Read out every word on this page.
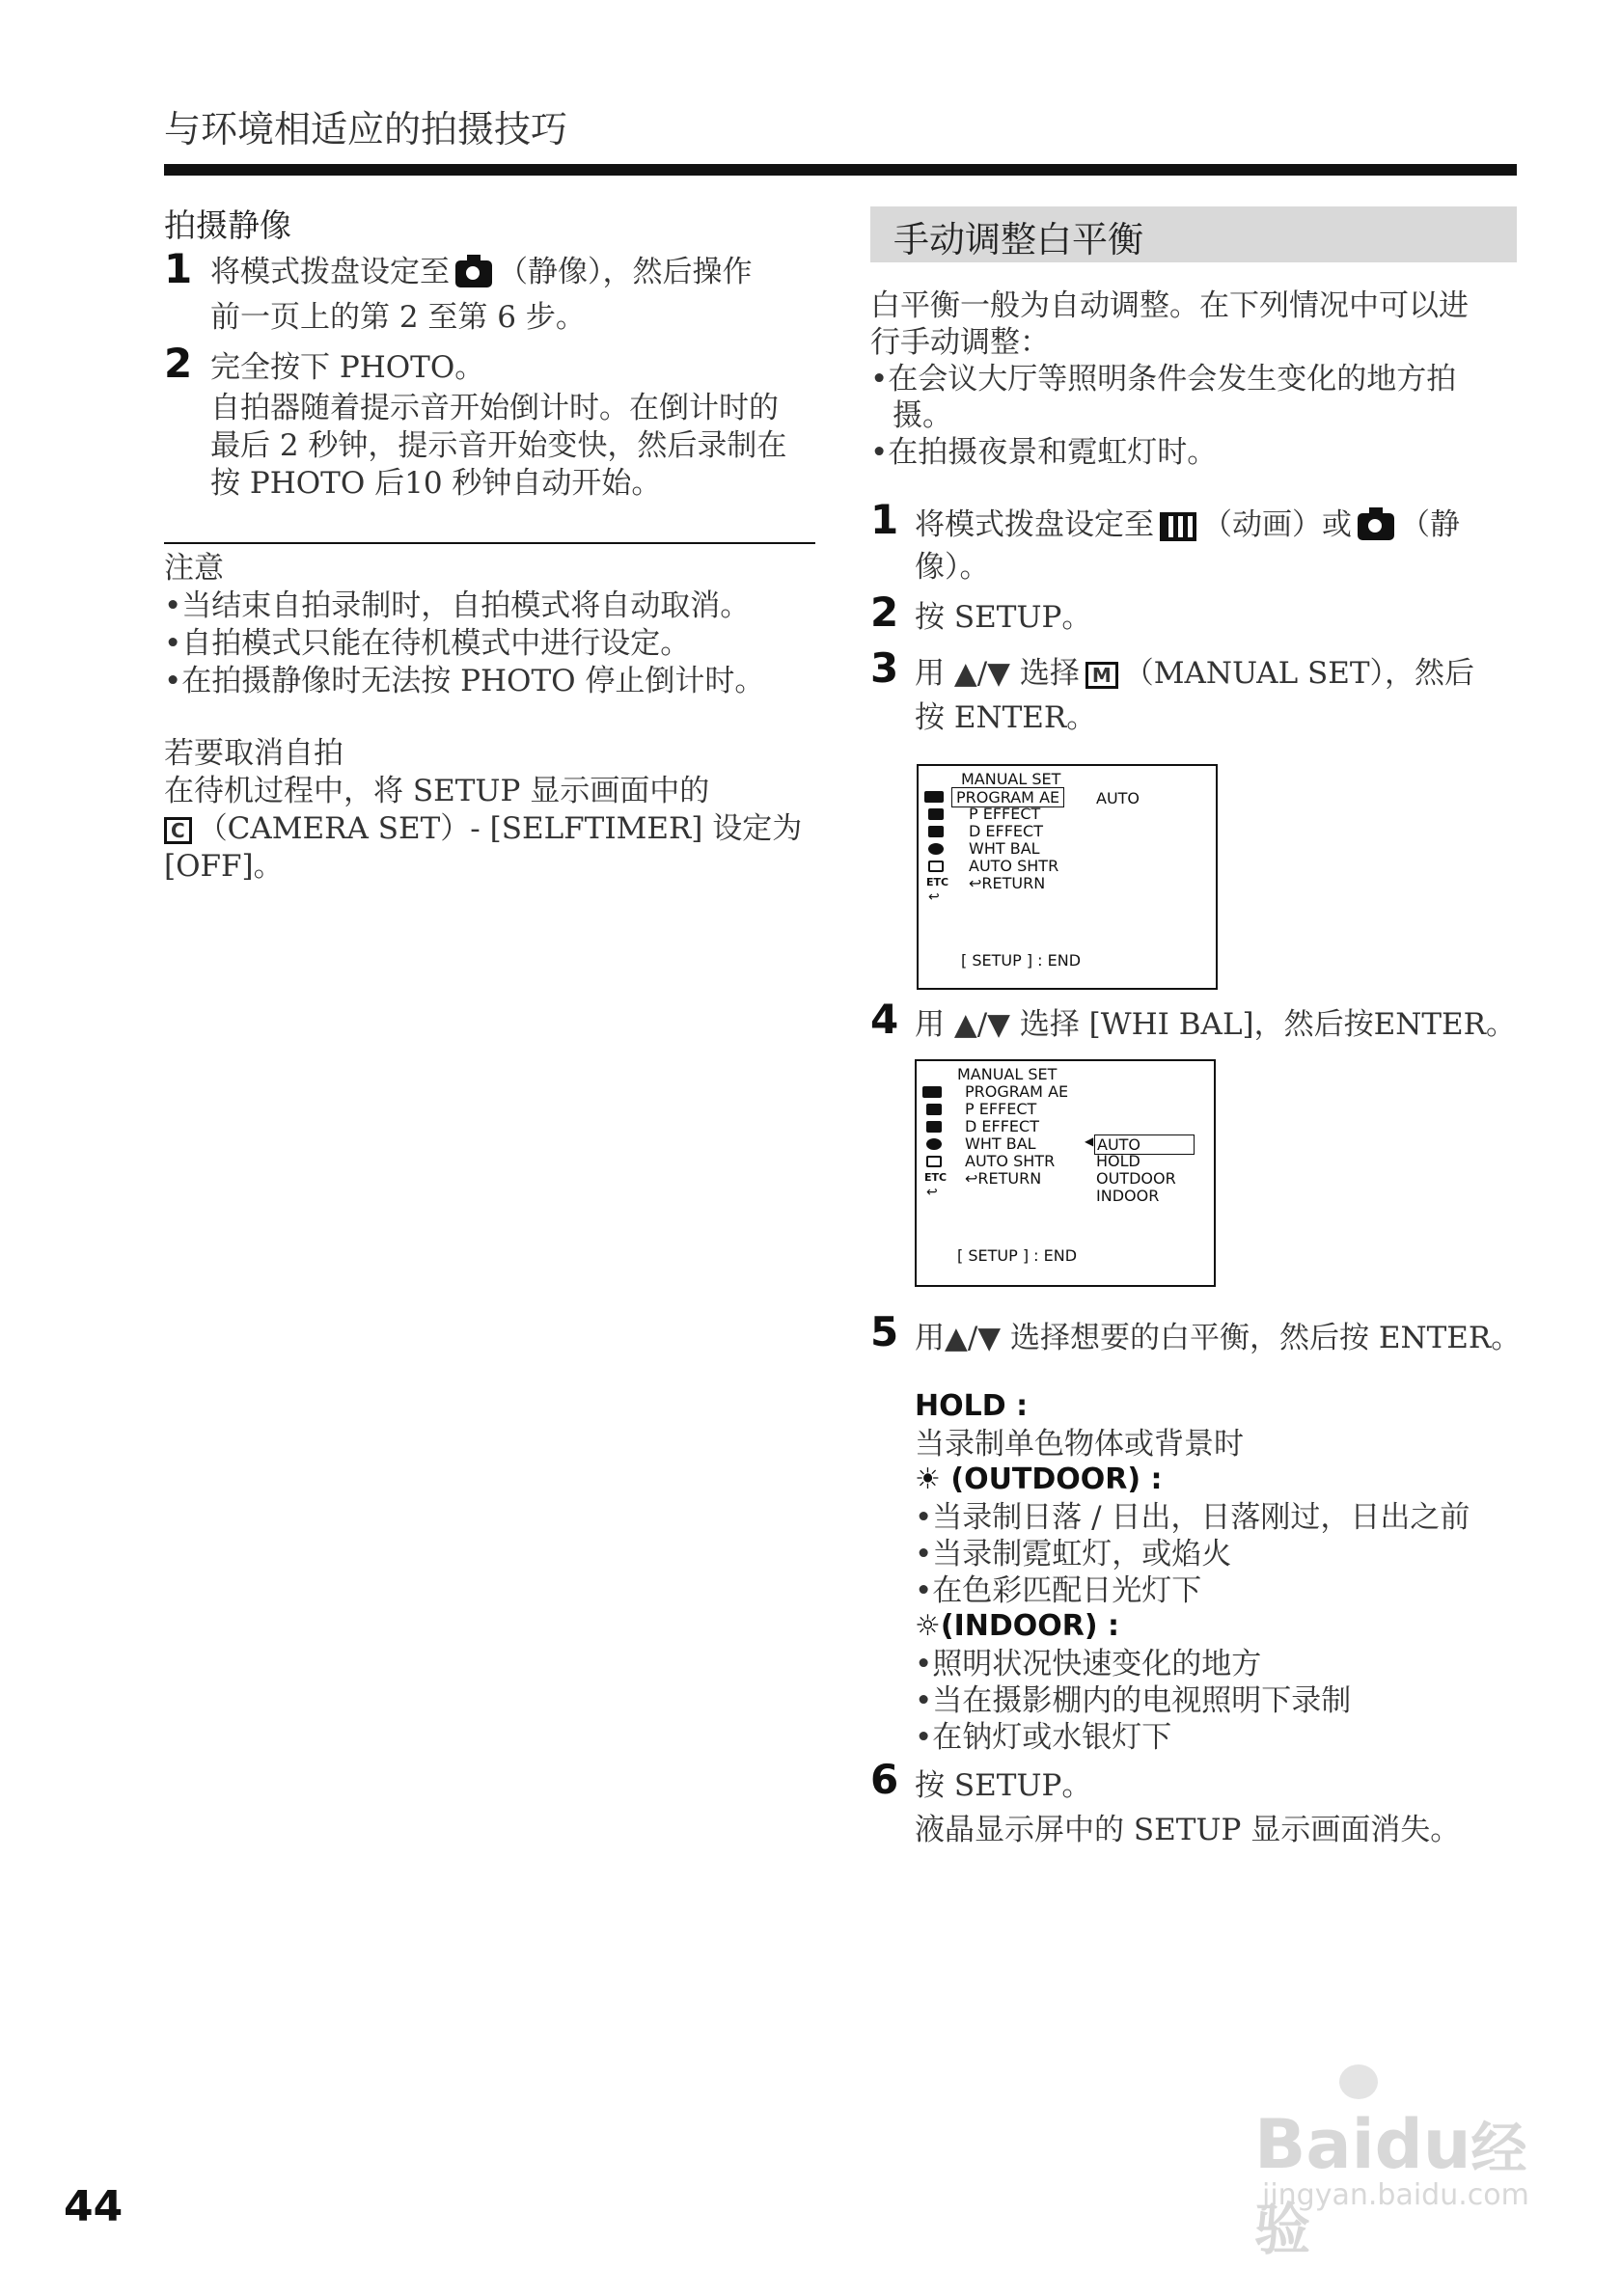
与环境相适应的拍摄技巧
拍摄静像
1 将模式拨盘设定至 （静像），然后操作
前一页上的第 2 至第 6 步。
2 完全按下 PHOTO。
自拍器随着提示音开始倒计时。在倒计时的
最后 2 秒钟，提示音开始变快，然后录制在
按 PHOTO 后10 秒钟自动开始。
注意
•当结束自拍录制时，自拍模式将自动取消。
•自拍模式只能在待机模式中进行设定。
•在拍摄静像时无法按 PHOTO 停止倒计时。
若要取消自拍
在待机过程中，将 SETUP 显示画面中的
C （CAMERA SET）- [SELFTIMER] 设定为
[OFF]。
手动调整白平衡
白平衡一般为自动调整。在下列情况中可以进
行手动调整：
•在会议大厅等照明条件会发生变化的地方拍
摄。
•在拍摄夜景和霓虹灯时。
1 将模式拨盘设定至 （动画）或 （静
像）。
2 按 SETUP。
3 用 ▲/▼ 选择 M （MANUAL SET），然后
按 ENTER。
MANUAL SET
ETC
↩
PROGRAM AE
P EFFECT
D EFFECT
WHT BAL
AUTO SHTR
↩RETURN
AUTO
[ SETUP ] : END
4 用 ▲/▼ 选择 [WHI BAL]，然后按ENTER。
MANUAL SET
ETC
↩
PROGRAM AE
P EFFECT
D EFFECT
WHT BAL
AUTO SHTR
↩RETURN
◀ AUTO
HOLD
OUTDOOR
INDOOR
[ SETUP ] : END
5 用▲/▼ 选择想要的白平衡，然后按 ENTER。
HOLD :
当录制单色物体或背景时
☀ (OUTDOOR) :
•当录制日落 / 日出，日落刚过，日出之前
•当录制霓虹灯，或焰火
•在色彩匹配日光灯下
☼(INDOOR) :
•照明状况快速变化的地方
•当在摄影棚内的电视照明下录制
•在钠灯或水银灯下
6 按 SETUP。
液晶显示屏中的 SETUP 显示画面消失。
44
Baidu经验
jingyan.baidu.com
